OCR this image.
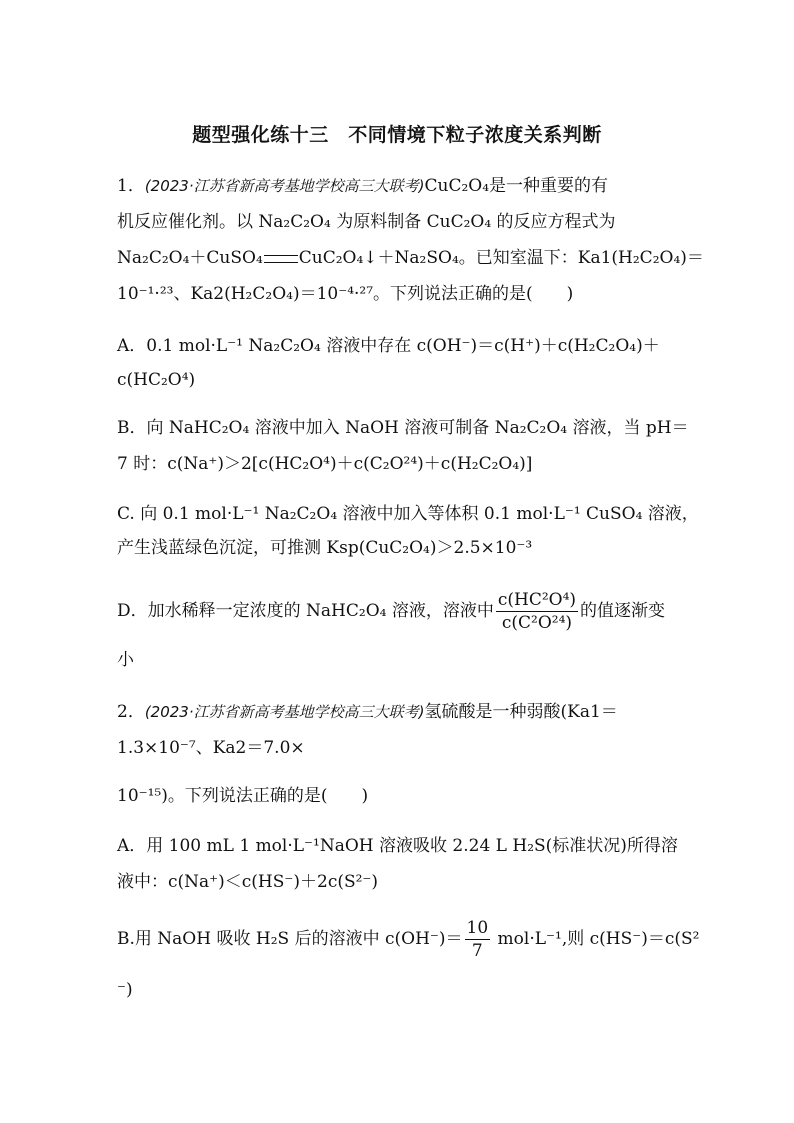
题型强化练十三　不同情境下粒子浓度关系判断
1．(2023·江苏省新高考基地学校高三大联考)CuC₂O₄是一种重要的有
机反应催化剂。以 Na₂C₂O₄ 为原料制备 CuC₂O₄ 的反应方程式为
Na₂C₂O₄＋CuSO₄ CuC₂O₄↓＋Na₂SO₄。已知室温下：Ka1(H₂C₂O₄)＝
10⁻¹·²³、Ka2(H₂C₂O₄)＝10⁻⁴·²⁷。下列说法正确的是(　　)
A．0.1 mol·L⁻¹ Na₂C₂O₄ 溶液中存在 c(OH⁻)＝c(H⁺)＋c(H₂C₂O₄)＋
c(HC₂O⁴)
B．向 NaHC₂O₄ 溶液中加入 NaOH 溶液可制备 Na₂C₂O₄ 溶液，当 pH＝
7 时：c(Na⁺)＞2[c(HC₂O⁴)＋c(C₂O²⁴)＋c(H₂C₂O₄)]
C. 向 0.1 mol·L⁻¹ Na₂C₂O₄ 溶液中加入等体积 0.1 mol·L⁻¹ CuSO₄ 溶液，
产生浅蓝绿色沉淀，可推测 Ksp(CuC₂O₄)＞2.5×10⁻³
D．加水稀释一定浓度的 NaHC₂O₄ 溶液，溶液中 $\frac{\text{c(HC²O⁴)}}{\text{c(C²O²⁴)}}$ 的值逐渐变
小
2．(2023·江苏省新高考基地学校高三大联考)氢硫酸是一种弱酸(Ka1＝
1.3×10⁻⁷、Ka2＝7.0×
10⁻¹⁵)。下列说法正确的是(　　)
A．用 100 mL 1 mol·L⁻¹NaOH 溶液吸收 2.24 L H₂S(标准状况)所得溶
液中：c(Na⁺)＜c(HS⁻)＋2c(S²⁻)
B.用 NaOH 吸收 H₂S 后的溶液中 $c(OH^-)= \frac{10}{7} mol\cdot L^{-1}$,则 c(HS⁻)＝c(S²
⁻)
